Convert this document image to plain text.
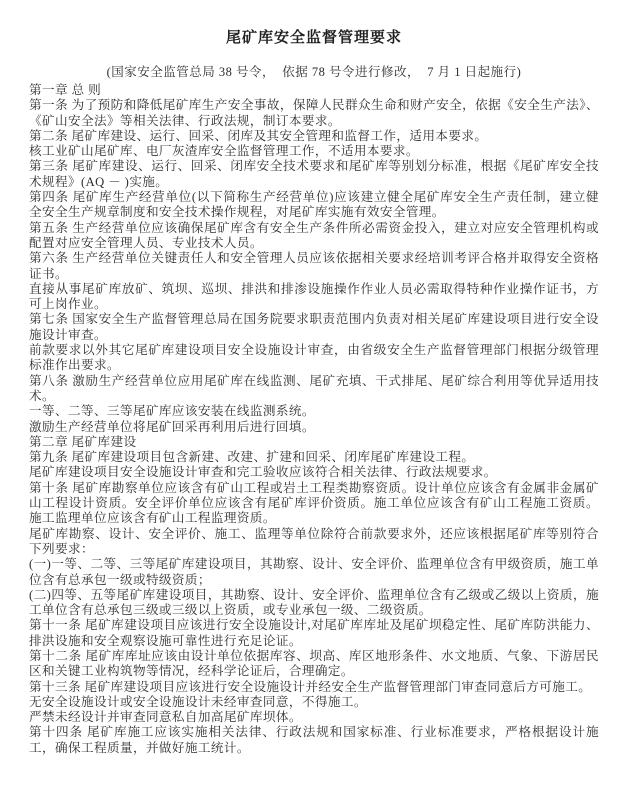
尾矿库安全监督管理要求

(国家安全监管总局 38 号令，  依据 78 号令进行修改，  7 月 1 日起施行)

第一章 总 则

第一条 为了预防和降低尾矿库生产安全事故，保障人民群众生命和财产安全，依据《安全生产法》、《矿山安全法》等相关法律、行政法规，制订本要求。

第二条 尾矿库建设、运行、回采、闭库及其安全管理和监督工作，适用本要求。

核工业矿山尾矿库、电厂灰渣库安全监督管理工作，不适用本要求。

第三条 尾矿库建设、运行、回采、闭库安全技术要求和尾矿库等别划分标准，根据《尾矿库安全技术规程》(AQ － )实施。

第四条 尾矿库生产经营单位(以下简称生产经营单位)应该建立健全尾矿库安全生产责任制，建立健全安全生产规章制度和安全技术操作规程，对尾矿库实施有效安全管理。

第五条 生产经营单位应该确保尾矿库含有安全生产条件所必需资金投入，建立对应安全管理机构或配置对应安全管理人员、专业技术人员。

第六条 生产经营单位关键责任人和安全管理人员应该依据相关要求经培训考评合格并取得安全资格证书。

直接从事尾矿库放矿、筑坝、巡坝、排洪和排渗设施操作作业人员必需取得特种作业操作证书，方可上岗作业。

第七条 国家安全生产监督管理总局在国务院要求职责范围内负责对相关尾矿库建设项目进行安全设施设计审查。

前款要求以外其它尾矿库建设项目安全设施设计审查，由省级安全生产监督管理部门根据分级管理标准作出要求。

第八条 激励生产经营单位应用尾矿库在线监测、尾矿充填、干式排尾、尾矿综合利用等优异适用技术。

一等、二等、三等尾矿库应该安装在线监测系统。

激励生产经营单位将尾矿回采再利用后进行回填。

第二章 尾矿库建设

第九条 尾矿库建设项目包含新建、改建、扩建和回采、闭库尾矿库建设工程。

尾矿库建设项目安全设施设计审查和完工验收应该符合相关法律、行政法规要求。

第十条 尾矿库勘察单位应该含有矿山工程或岩土工程类勘察资质。设计单位应该含有金属非金属矿山工程设计资质。安全评价单位应该含有尾矿库评价资质。施工单位应该含有矿山工程施工资质。施工监理单位应该含有矿山工程监理资质。

尾矿库勘察、设计、安全评价、施工、监理等单位除符合前款要求外，还应该根据尾矿库等别符合下列要求：

(一)一等、二等、三等尾矿库建设项目，其勘察、设计、安全评价、监理单位含有甲级资质，施工单位含有总承包一级或特级资质；

(二)四等、五等尾矿库建设项目，其勘察、设计、安全评价、监理单位含有乙级或乙级以上资质，施工单位含有总承包三级或三级以上资质，或专业承包一级、二级资质。

第十一条 尾矿库建设项目应该进行安全设施设计,对尾矿库库址及尾矿坝稳定性、尾矿库防洪能力、排洪设施和安全观察设施可靠性进行充足论证。

第十二条 尾矿库库址应该由设计单位依据库容、坝高、库区地形条件、水文地质、气象、下游居民区和关键工业构筑物等情况，经科学论证后，合理确定。

第十三条 尾矿库建设项目应该进行安全设施设计并经安全生产监督管理部门审查同意后方可施工。

无安全设施设计或安全设施设计未经审查同意，不得施工。

严禁未经设计并审查同意私自加高尾矿库坝体。

第十四条 尾矿库施工应该实施相关法律、行政法规和国家标准、行业标准要求，严格根据设计施工，确保工程质量，并做好施工统计。
